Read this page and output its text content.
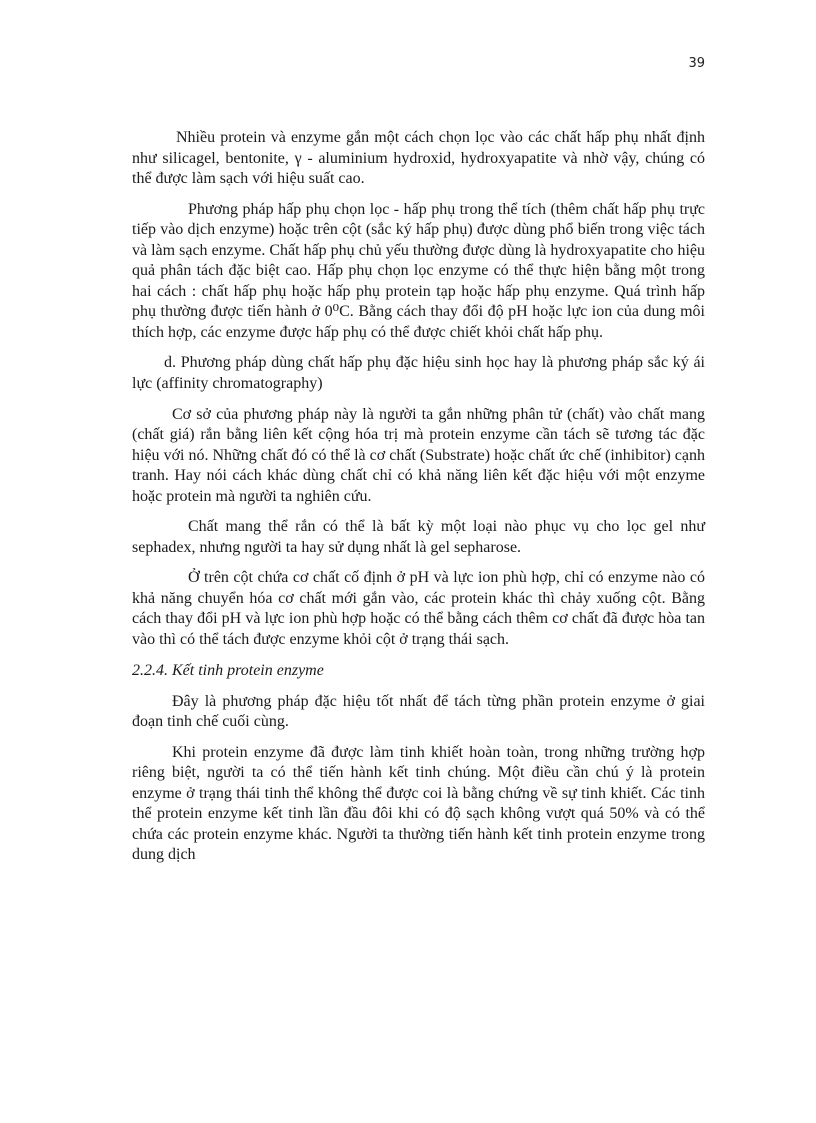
39

Nhiều protein và enzyme gắn một cách chọn lọc vào các chất hấp phụ nhất định như silicagel, bentonite, γ - aluminium hydroxid, hydroxyapatite và nhờ vậy, chúng có thể được làm sạch với hiệu suất cao.

Phương pháp hấp phụ chọn lọc - hấp phụ trong thể tích (thêm chất hấp phụ trực tiếp vào dịch enzyme) hoặc trên cột (sắc ký hấp phụ) được dùng phổ biến trong việc tách và làm sạch enzyme. Chất hấp phụ chủ yếu thường được dùng là hydroxyapatite cho hiệu quả phân tách đặc biệt cao. Hấp phụ chọn lọc enzyme có thể thực hiện bằng một trong hai cách : chất hấp phụ hoặc hấp phụ protein tạp hoặc hấp phụ enzyme. Quá trình hấp phụ thường được tiến hành ở 0⁰C. Bằng cách thay đổi độ pH hoặc lực ion của dung môi thích hợp, các enzyme được hấp phụ có thể được chiết khỏi chất hấp phụ.

d. Phương pháp dùng chất hấp phụ đặc hiệu sinh học hay là phương pháp sắc ký ái lực (affinity chromatography)

Cơ sở của phương pháp này là người ta gắn những phân tử (chất) vào chất mang (chất giá) rắn bằng liên kết cộng hóa trị mà protein enzyme cần tách sẽ tương tác đặc hiệu với nó. Những chất đó có thể là cơ chất (Substrate) hoặc chất ức chế (inhibitor) cạnh tranh. Hay nói cách khác dùng chất chỉ có khả năng liên kết đặc hiệu với một enzyme hoặc protein mà người ta nghiên cứu.

Chất mang thể rắn có thể là bất kỳ một loại nào phục vụ cho lọc gel như sephadex, nhưng người ta hay sử dụng nhất là gel sepharose.

Ở trên cột chứa cơ chất cố định ở pH và lực ion phù hợp, chỉ có enzyme nào có khả năng chuyển hóa cơ chất mới gắn vào, các protein khác thì chảy xuống cột. Bằng cách thay đổi pH và lực ion phù hợp hoặc có thể bằng cách thêm cơ chất đã được hòa tan vào thì có thể tách được enzyme khỏi cột ở trạng thái sạch.

2.2.4. Kết tinh protein enzyme

Đây là phương pháp đặc hiệu tốt nhất để tách từng phần protein enzyme ở giai đoạn tinh chế cuối cùng.

Khi protein enzyme đã được làm tinh khiết hoàn toàn, trong những trường hợp riêng biệt, người ta có thể tiến hành kết tinh chúng. Một điều cần chú ý là protein enzyme ở trạng thái tinh thể không thể được coi là bằng chứng về sự tinh khiết. Các tinh thể protein enzyme kết tinh lần đầu đôi khi có độ sạch không vượt quá 50% và có thể chứa các protein enzyme khác. Người ta thường tiến hành kết tinh protein enzyme trong dung dịch
